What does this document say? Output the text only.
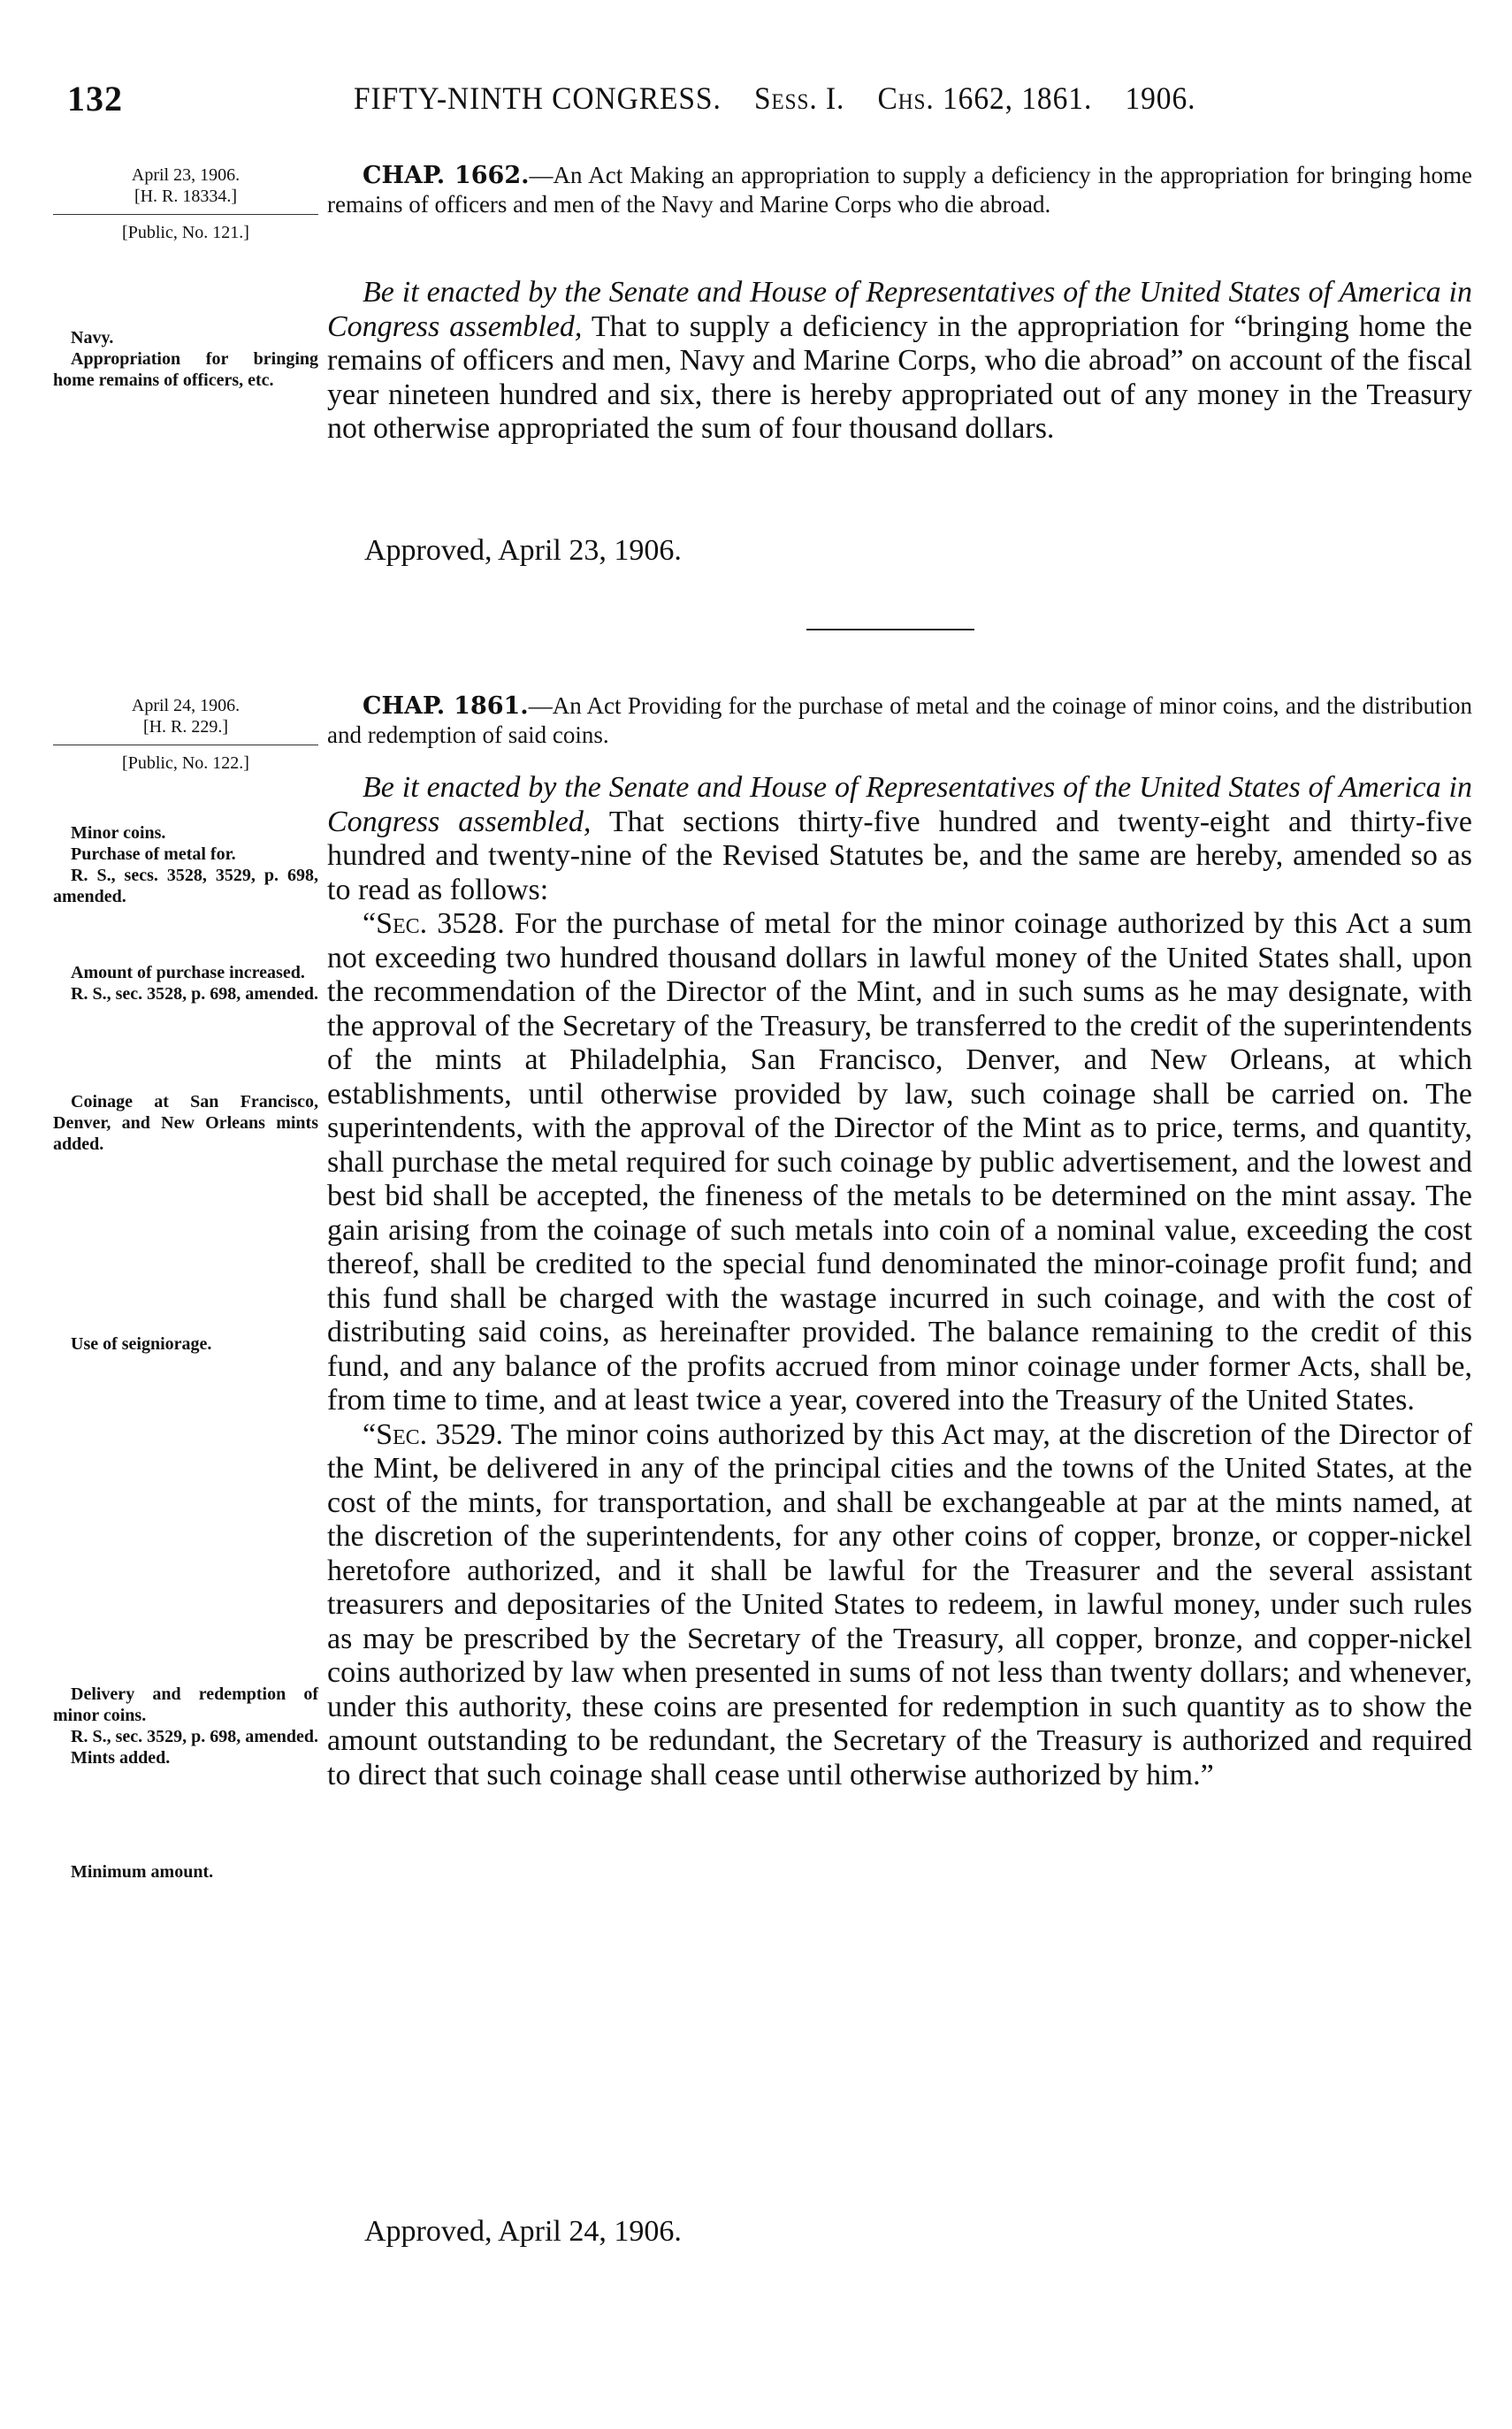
132	FIFTY-NINTH CONGRESS. Sess. I. Chs. 1662, 1861. 1906.
April 23, 1906.
[H. R. 18334.]
[Public, No. 121.]
CHAP. 1662.—An Act Making an appropriation to supply a deficiency in the appropriation for bringing home remains of officers and men of the Navy and Marine Corps who die abroad.

Navy.

Appropriation for bringing home remains of officers, etc.

Be it enacted by the Senate and House of Representatives of the United States of America in Congress assembled, That to supply a deficiency in the appropriation for “bringing home the remains of officers and men, Navy and Marine Corps, who die abroad” on account of the fiscal year nineteen hundred and six, there is hereby appropriated out of any money in the Treasury not otherwise appropriated the sum of four thousand dollars.

Approved, April 23, 1906.
April 24, 1906.
[H. R. 229.]
[Public, No. 122.]
CHAP. 1861.—An Act Providing for the purchase of metal and the coinage of minor coins, and the distribution and redemption of said coins.

Be it enacted by the Senate and House of Representatives of the United States of America in Congress assembled, That sections thirty-five hundred and twenty-eight and thirty-five hundred and twenty-nine of the Revised Statutes be, and the same are hereby, amended so as to read as follows:

“Sec. 3528. For the purchase of metal for the minor coinage authorized by this Act a sum not exceeding two hundred thousand dollars in lawful money of the United States shall, upon the recommendation of the Director of the Mint, and in such sums as he may designate, with the approval of the Secretary of the Treasury, be transferred to the credit of the superintendents of the mints at Philadelphia, San Francisco, Denver, and New Orleans, at which establishments, until otherwise provided by law, such coinage shall be carried on. The superintendents, with the approval of the Director of the Mint as to price, terms, and quantity, shall purchase the metal required for such coinage by public advertisement, and the lowest and best bid shall be accepted, the fineness of the metals to be determined on the mint assay. The gain arising from the coinage of such metals into coin of a nominal value, exceeding the cost thereof, shall be credited to the special fund denominated the minor-coinage profit fund; and this fund shall be charged with the wastage incurred in such coinage, and with the cost of distributing said coins, as hereinafter provided. The balance remaining to the credit of this fund, and any balance of the profits accrued from minor coinage under former Acts, shall be, from time to time, and at least twice a year, covered into the Treasury of the United States.

“Sec. 3529. The minor coins authorized by this Act may, at the discretion of the Director of the Mint, be delivered in any of the principal cities and the towns of the United States, at the cost of the mints, for transportation, and shall be exchangeable at par at the mints named, at the discretion of the superintendents, for any other coins of copper, bronze, or copper-nickel heretofore authorized, and it shall be lawful for the Treasurer and the several assistant treasurers and depositaries of the United States to redeem, in lawful money, under such rules as may be prescribed by the Secretary of the Treasury, all copper, bronze, and copper-nickel coins authorized by law when presented in sums of not less than twenty dollars; and whenever, under this authority, these coins are presented for redemption in such quantity as to show the amount outstanding to be redundant, the Secretary of the Treasury is authorized and required to direct that such coinage shall cease until otherwise authorized by him.”

Approved, April 24, 1906.

Minor coins.

Purchase of metal for.

R. S., secs. 3528, 3529, p. 698, amended.

Amount of purchase increased.

R. S., sec. 3528, p. 698, amended.

Coinage at San Francisco, Denver, and New Orleans mints added.

Use of seigniorage.

Delivery and redemption of minor coins.

R. S., sec. 3529, p. 698, amended.

Mints added.

Minimum amount.
